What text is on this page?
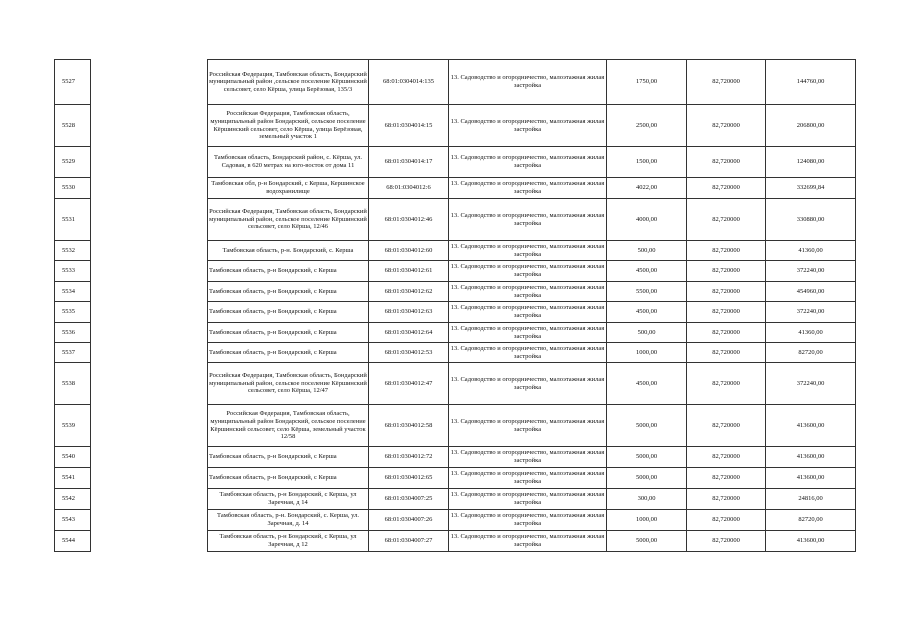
5527		Российская Федерация, Тамбовская область, Бондарский муниципальный район ,сельское поселение Кёршинский сельсовет, село Кёрша, улица Берёзовая, 135/3	68:01:0304014:135	13. Садоводство и огородничество, малоэтажная жилая застройка	1750,00	82,720000	144760,00
5528		Российская Федерация, Тамбовская область, муниципальный район Бондарский, сельское поселение Кёршинский сельсовет, село Кёрша, улица Берёзовая, земельный участок 1	68:01:0304014:15	13. Садоводство и огородничество, малоэтажная жилая застройка	2500,00	82,720000	206800,00
5529		Тамбовская область, Бондарский район, с. Кёрша, ул. Садовая, в 620 метрах на юго-восток от дома 11	68:01:0304014:17	13. Садоводство и огородничество, малоэтажная жилая застройка	1500,00	82,720000	124080,00
5530		Тамбовская обл, р-н Бондарский, с Керша, Кершинское водохранилище	68:01:0304012:6	13. Садоводство и огородничество, малоэтажная жилая застройка	4022,00	82,720000	332699,84
5531		Российская Федерация, Тамбовская область, Бондарский муниципальный район, сельское поселение Кёршинский сельсовет, село Кёрша, 12/46	68:01:0304012:46	13. Садоводство и огородничество, малоэтажная жилая застройка	4000,00	82,720000	330880,00
5532		Тамбовская область, р-н. Бондарский, с. Керша	68:01:0304012:60	13. Садоводство и огородничество, малоэтажная жилая застройка	500,00	82,720000	41360,00
5533		Тамбовская область, р-н Бондарский, с Керша	68:01:0304012:61	13. Садоводство и огородничество, малоэтажная жилая застройка	4500,00	82,720000	372240,00
5534		Тамбовская область, р-н Бондарский, с Керша	68:01:0304012:62	13. Садоводство и огородничество, малоэтажная жилая застройка	5500,00	82,720000	454960,00
5535		Тамбовская область, р-н Бондарский, с Керша	68:01:0304012:63	13. Садоводство и огородничество, малоэтажная жилая застройка	4500,00	82,720000	372240,00
5536		Тамбовская область, р-н Бондарский, с Керша	68:01:0304012:64	13. Садоводство и огородничество, малоэтажная жилая застройка	500,00	82,720000	41360,00
5537		Тамбовская область, р-н Бондарский, с Керша	68:01:0304012:53	13. Садоводство и огородничество, малоэтажная жилая застройка	1000,00	82,720000	82720,00
5538		Российская Федерация, Тамбовская область, Бондарский муниципальный район, сельское поселение Кёршинский сельсовет, село Кёрша, 12/47	68:01:0304012:47	13. Садоводство и огородничество, малоэтажная жилая застройка	4500,00	82,720000	372240,00
5539		Российская Федерация, Тамбовская область, муниципальный район Бондарский, сельское поселение Кёршинский сельсовет, село Кёрша, земельный участок 12/58	68:01:0304012:58	13. Садоводство и огородничество, малоэтажная жилая застройка	5000,00	82,720000	413600,00
5540		Тамбовская область, р-н Бондарский, с Керша	68:01:0304012:72	13. Садоводство и огородничество, малоэтажная жилая застройка	5000,00	82,720000	413600,00
5541		Тамбовская область, р-н Бондарский, с Керша	68:01:0304012:65	13. Садоводство и огородничество, малоэтажная жилая застройка	5000,00	82,720000	413600,00
5542		Тамбовская область, р-н Бондарский, с Керша, ул Заречная, д 14	68:01:0304007:25	13. Садоводство и огородничество, малоэтажная жилая застройка	300,00	82,720000	24816,00
5543		Тамбовская область, р-н. Бондарский, с. Керша, ул. Заречная, д. 14	68:01:0304007:26	13. Садоводство и огородничество, малоэтажная жилая застройка	1000,00	82,720000	82720,00
5544		Тамбовская область, р-н Бондарский, с Керша, ул Заречная, д 12	68:01:0304007:27	13. Садоводство и огородничество, малоэтажная жилая застройка	5000,00	82,720000	413600,00
